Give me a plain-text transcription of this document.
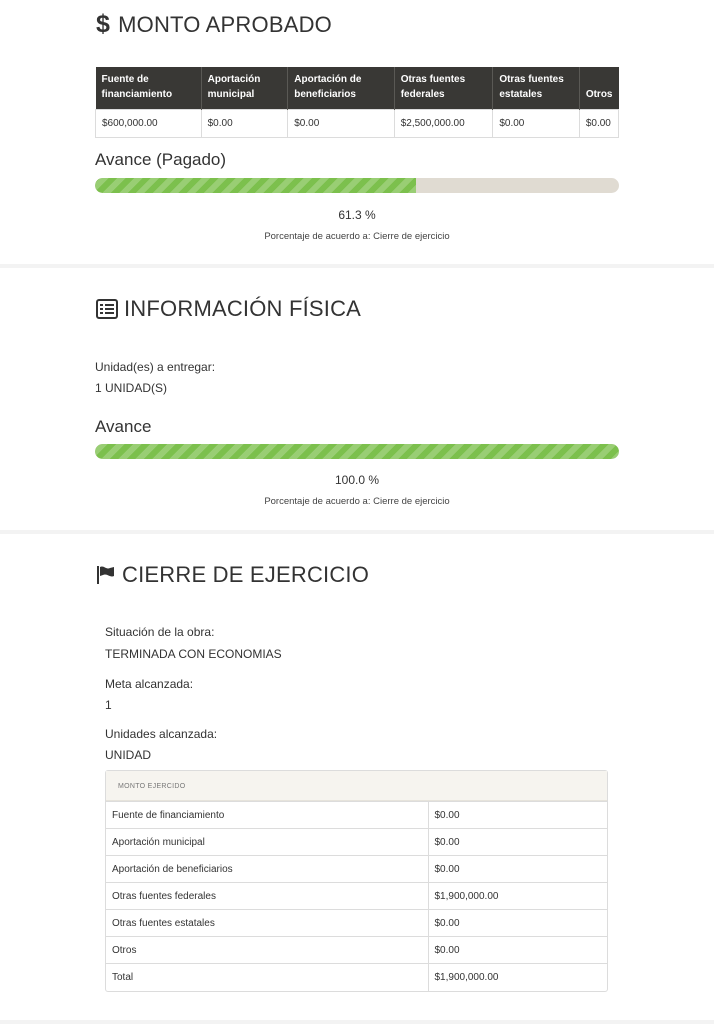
$ MONTO APROBADO
Fuente de financiamiento	Aportación municipal	Aportación de beneficiarios	Otras fuentes federales	Otras fuentes estatales	Otros
$600,000.00	$0.00	$0.00	$2,500,000.00	$0.00	$0.00
Avance (Pagado)
61.3 %
Porcentaje de acuerdo a: Cierre de ejercicio
INFORMACIÓN FÍSICA
Unidad(es) a entregar:
1 UNIDAD(S)
Avance
100.0 %
Porcentaje de acuerdo a: Cierre de ejercicio
CIERRE DE EJERCICIO
Situación de la obra:
TERMINADA CON ECONOMIAS
Meta alcanzada:
1
Unidades alcanzada:
UNIDAD
MONTO EJERCIDO
Fuente de financiamiento	$0.00
Aportación municipal	$0.00
Aportación de beneficiarios	$0.00
Otras fuentes federales	$1,900,000.00
Otras fuentes estatales	$0.00
Otros	$0.00
Total	$1,900,000.00
